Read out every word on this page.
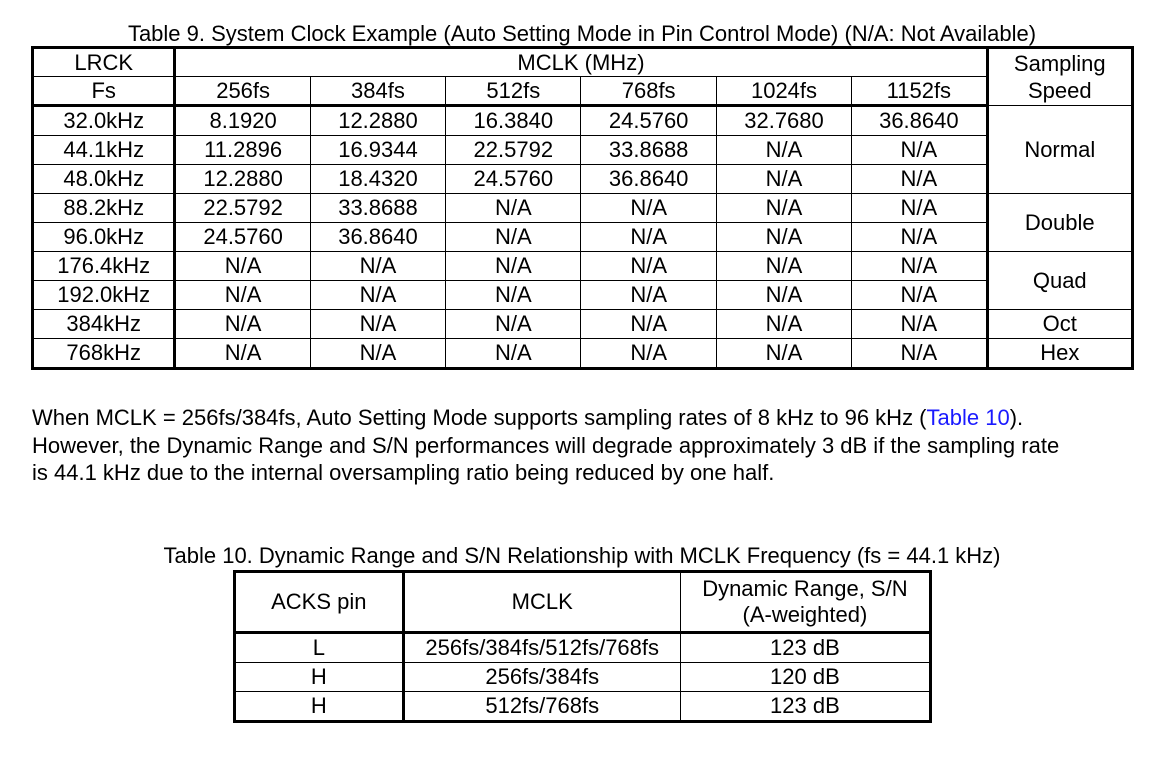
Table 9. System Clock Example (Auto Setting Mode in Pin Control Mode) (N/A: Not Available)
LRCK	MCLK (MHz)						Sampling
Speed
Fs	256fs	384fs	512fs	768fs	1024fs	1152fs	
32.0kHz	8.1920	12.2880	16.3840	24.5760	32.7680	36.8640	Normal
44.1kHz	11.2896	16.9344	22.5792	33.8688	N/A	N/A	
48.0kHz	12.2880	18.4320	24.5760	36.8640	N/A	N/A	
88.2kHz	22.5792	33.8688	N/A	N/A	N/A	N/A	Double
96.0kHz	24.5760	36.8640	N/A	N/A	N/A	N/A	
176.4kHz	N/A	N/A	N/A	N/A	N/A	N/A	Quad
192.0kHz	N/A	N/A	N/A	N/A	N/A	N/A	
384kHz	N/A	N/A	N/A	N/A	N/A	N/A	Oct
768kHz	N/A	N/A	N/A	N/A	N/A	N/A	Hex

When MCLK = 256fs/384fs, Auto Setting Mode supports sampling rates of 8 kHz to 96 kHz (Table 10).
However, the Dynamic Range and S/N performances will degrade approximately 3 dB if the sampling rate
is 44.1 kHz due to the internal oversampling ratio being reduced by one half.

Table 10. Dynamic Range and S/N Relationship with MCLK Frequency (fs = 44.1 kHz)
ACKS pin	MCLK	Dynamic Range, S/N
(A-weighted)
L	256fs/384fs/512fs/768fs	123 dB
H	256fs/384fs	120 dB
H	512fs/768fs	123 dB
